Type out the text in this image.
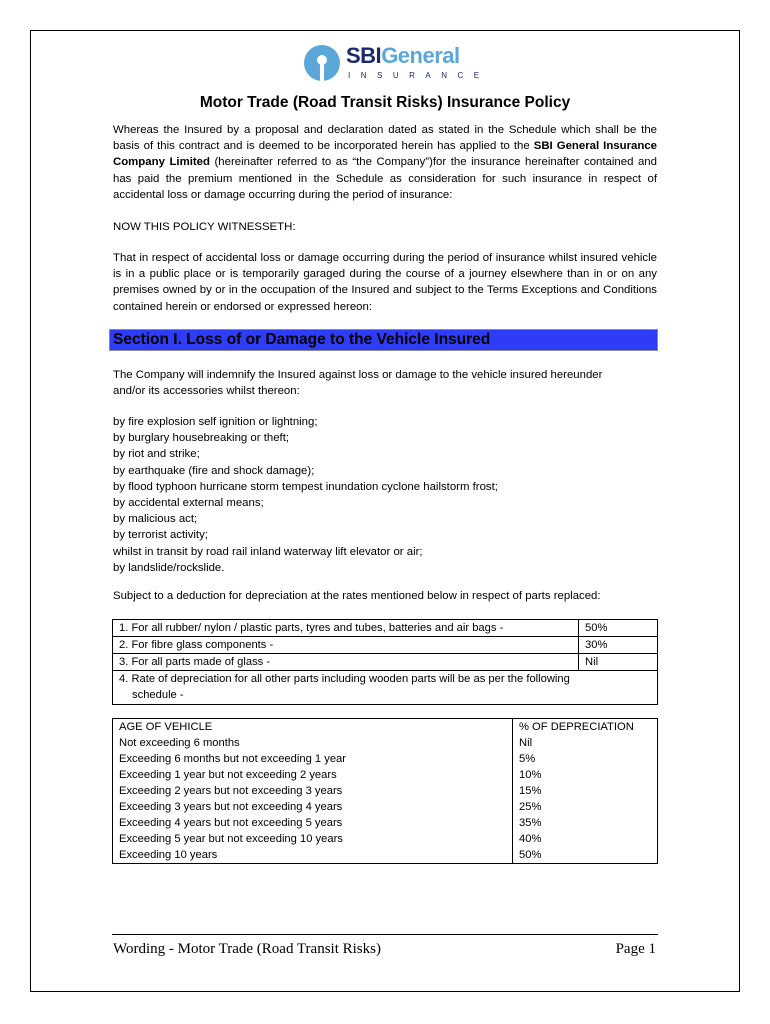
SBIGeneral
INSURANCE
Motor Trade (Road Transit Risks) Insurance Policy

Whereas the Insured by a proposal and declaration dated as stated in the Schedule which shall be the basis of this contract and is deemed to be incorporated herein has applied to the SBI General Insurance Company Limited (hereinafter referred to as “the Company”)for the insurance hereinafter contained and has paid the premium mentioned in the Schedule as consideration for such insurance in respect of accidental loss or damage occurring during the period of insurance:

NOW THIS POLICY WITNESSETH:

That in respect of accidental loss or damage occurring during the period of insurance whilst insured vehicle is in a public place or is temporarily garaged during the course of a journey elsewhere than in or on any premises owned by or in the occupation of the Insured and subject to the Terms Exceptions and Conditions contained herein or endorsed or expressed hereon:

Section I. Loss of or Damage to the Vehicle Insured

The Company will indemnify the Insured against loss or damage to the vehicle insured hereunder and/or its accessories whilst thereon:

by fire explosion self ignition or lightning;
by burglary housebreaking or theft;
by riot and strike;
by earthquake (fire and shock damage);
by flood typhoon hurricane storm tempest inundation cyclone hailstorm frost;
by accidental external means;
by malicious act;
by terrorist activity;
whilst in transit by road rail inland waterway lift elevator or air;
by landslide/rockslide.

Subject to a deduction for depreciation at the rates mentioned below in respect of parts replaced:

1. For all rubber/ nylon / plastic parts, tyres and tubes, batteries and air bags -	50%
2. For fibre glass components -	30%
3. For all parts made of glass -	Nil

4. Rate of depreciation for all other parts including wooden parts will be as per the following
schedule -	
AGE OF VEHICLE	% OF DEPRECIATION
Not exceeding 6 months	Nil
Exceeding 6 months but not exceeding 1 year	5%
Exceeding 1 year but not exceeding 2 years	10%
Exceeding 2 years but not exceeding 3 years	15%
Exceeding 3 years but not exceeding 4 years	25%
Exceeding 4 years but not exceeding 5 years	35%
Exceeding 5 year but not exceeding 10 years	40%
Exceeding 10 years	50%
Wording - Motor Trade (Road Transit Risks)	Page 1
